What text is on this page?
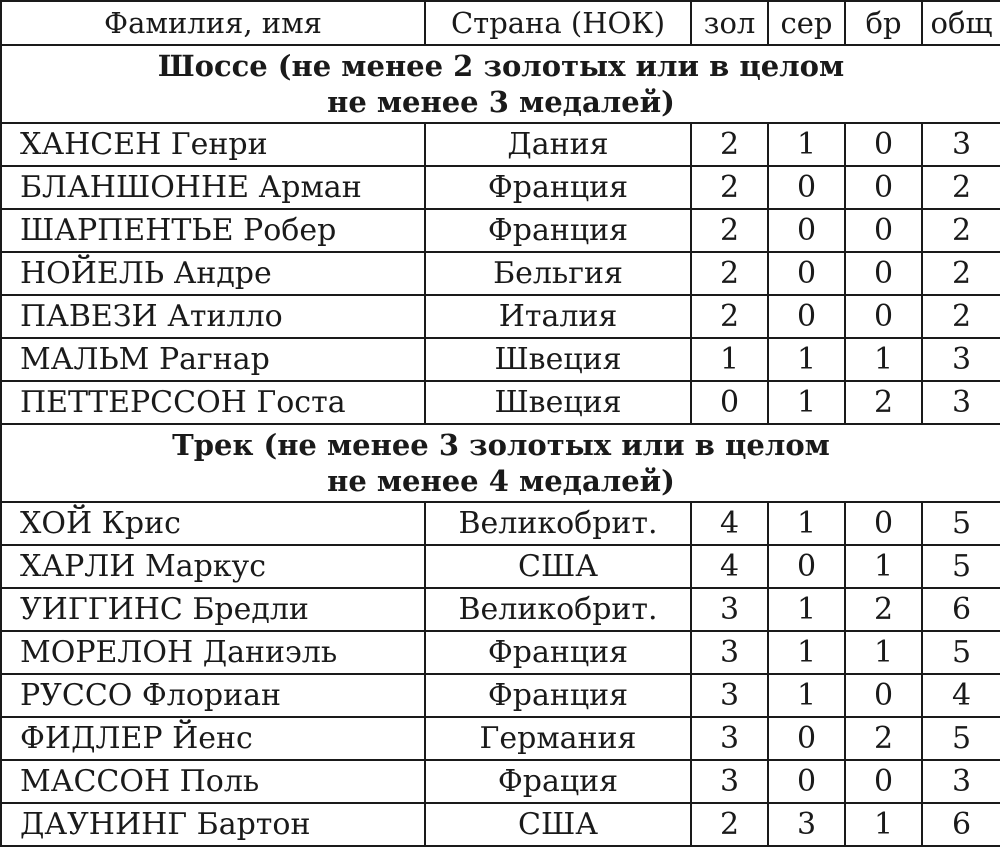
Фамилия, имя	Страна (НОК)	зол	сер	бр	общ

Шоссе (не менее 2 золотых или в целом
не менее 3 медалей)					

ХАНСЕН Генри	Дания	2	1	0	3
БЛАНШОННЕ Арман	Франция	2	0	0	2
ШАРПЕНТЬЕ Робер	Франция	2	0	0	2
НОЙЕЛЬ Андре	Бельгия	2	0	0	2
ПАВЕЗИ Атилло	Италия	2	0	0	2
МАЛЬМ Рагнар	Швеция	1	1	1	3
ПЕТТЕРССОН Госта	Швеция	0	1	2	3

Трек (не менее 3 золотых или в целом
не менее 4 медалей)					

ХОЙ Крис	Великобрит.	4	1	0	5
ХАРЛИ Маркус	США	4	0	1	5
УИГГИНС Бредли	Великобрит.	3	1	2	6
МОРЕЛОН Даниэль	Франция	3	1	1	5
РУССО Флориан	Франция	3	1	0	4
ФИДЛЕР Йенс	Германия	3	0	2	5
МАССОН Поль	Фрация	3	0	0	3
ДАУНИНГ Бартон	США	2	3	1	6
